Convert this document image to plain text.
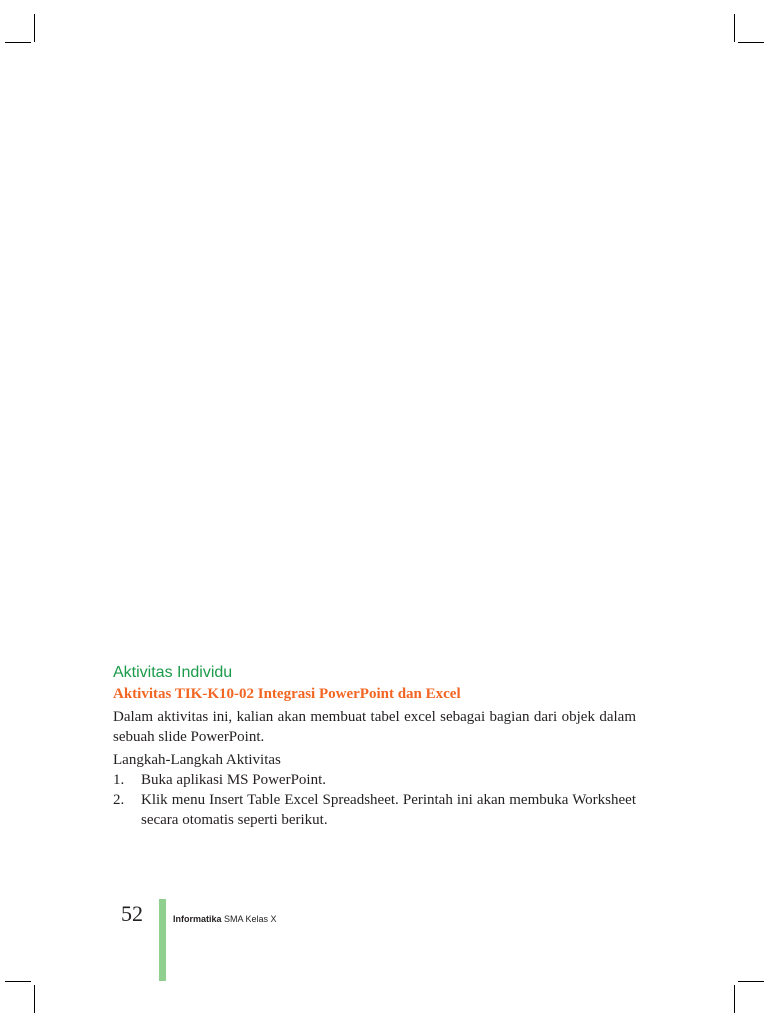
Aktivitas Individu
Aktivitas TIK-K10-02 Integrasi PowerPoint dan Excel

Dalam aktivitas ini, kalian akan membuat tabel excel sebagai bagian dari objek dalam sebuah slide PowerPoint.

Langkah-Langkah Aktivitas
1.	Buka aplikasi MS PowerPoint.
2.	Klik menu Insert Table Excel Spreadsheet. Perintah ini akan membuka Worksheet secara otomatis seperti berikut.
52	Informatika SMA Kelas X
